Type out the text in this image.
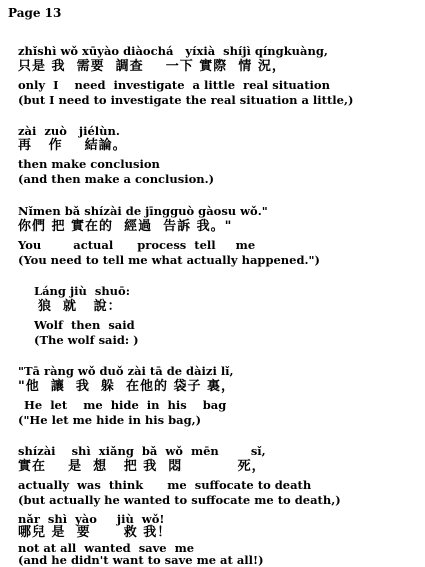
Page 13
zhǐshì wǒ xūyào diàochá   yíxià  shíjì qíngkuàng,
只是 我  需要  調查    一下 實際  情 況，
only  I    need  investigate  a little  real situation
(but I need to investigate the real situation a little,)
zài  zuò   jiélùn.
再   作    結論。
then make conclusion
(and then make a conclusion.)
Nǐmen bǎ shízài de jīngguò gàosu wǒ."
你們 把 實在的  經過  告訴 我。"
You        actual      process  tell     me
(You need to tell me what actually happened.")
Láng jiù  shuō:
狼  就   說：
Wolf  then  said
(The wolf said: )
"Tā ràng wǒ duǒ zài tā de dàizi lǐ,
"他  讓  我  躲  在他的 袋子 裏，
He  let    me  hide  in  his    bag
("He let me hide in his bag,)
shízài    shì  xiǎng  bǎ  wǒ  mēn        sǐ,
實在    是  想   把 我  悶          死，
actually  was  think      me  suffocate to death
(but actually he wanted to suffocate me to death,)
nǎr  shì  yào     jiù  wǒ!
哪兒 是  要      救 我！
not at all  wanted  save  me
(and he didn't want to save me at all!)
